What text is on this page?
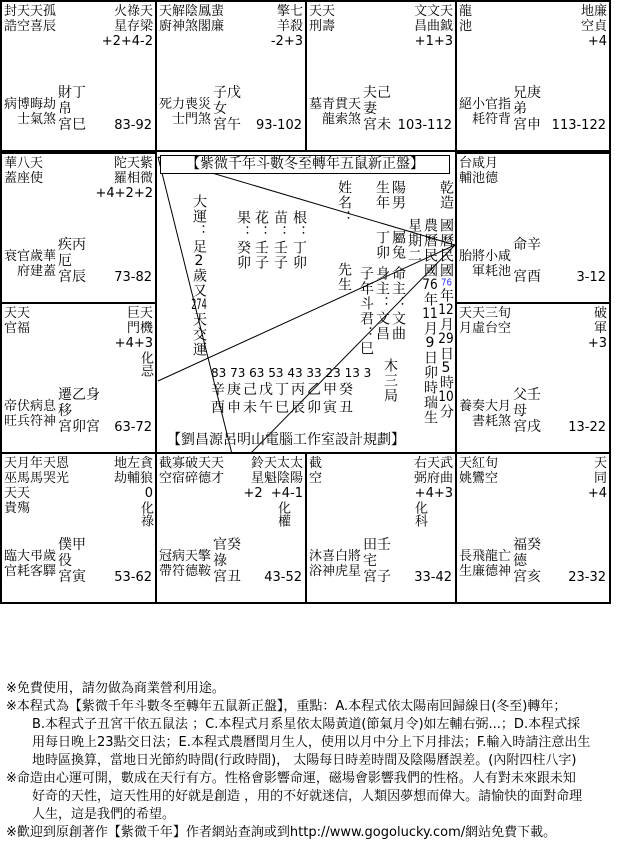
封天天孤
誥空喜辰
火祿天
星存梁
+2+4-2
病博晦劫
士氣煞
財丁
帛
宮巳 83-92
天解陰鳳蜚
廚神煞閣廉
擎七
羊殺
-2+3
死力喪災
士門煞
子戊
女
宮午 93-102
天天
刑壽
文文天
昌曲鉞
+1+3
墓青貫天
龍索煞
夫己
妻
宮未 103-112
龍
池
地廉
空貞
+4
絕小官指
耗符背
兄庚
弟
宮申 113-122
華八天
蓋座使
陀天紫
羅相微
+4+2+2
衰官歲華
府建蓋
疾丙
厄
宮辰 73-82
台咸月
輔池德
胎將小咸
軍耗池
命辛
宮酉	3-12
天天
官福
巨天
門機
+4+3
化忌
帝伏病息
旺兵符神
遷乙身
移
宮卯宮 63-72
天天三旬
月虛台空
破
軍
+3
養奏大月
書耗煞
父壬
母
宮戌 13-22
天月年天恩
巫馬馬哭光
天天
貴殤
地左貪
劫輔狼
0
化祿
臨大弔歲
官耗客驛
僕甲
役
宮寅 53-62
截寡破天天
空宿碎德才
鈴天太太
星魁陰陽
+2  +4-1
化權
冠病天擎
帶符德鞍
官癸
祿
宮丑 43-52
截
空
右天武
弼府曲
+4+3
化科
沐喜白將
浴神虎星
田壬
宅
宮子 33-42
天紅旬
姚鸞空
天
同
+4
長飛龍亡
生廉德神
福癸
德
宮亥 23-32
【紫微千年斗數冬至轉年五鼠新正盤】
乾造
國曆民國76年12月29日5時10分
農曆民國76年11月9日卯時瑞生
星期二
生年 陽男
丁卯 屬兔
姓名：
先生 身主：文昌 命主：文曲
子年斗君：巳
根：丁卯
苗：壬子
花：壬子
果：癸卯
大運：足2歲又274天交運
83 73 63 53 43 33 23 13 3
辛庚己戊丁丙乙甲癸
酉申未午巳辰卯寅丑
木三局
【劉昌源呂明山電腦工作室設計規劃】
※免費使用，請勿做為商業營利用途。
※本程式為【紫微千年斗數冬至轉年五鼠新正盤】，重點：A.本程式依太陽南回歸線日(冬至)轉年；
B.本程式子丑宮干依五鼠法 ；C.本程式月系星依太陽黃道(節氣月令)如左輔右弼...；D.本程式採
用每日晚上23點交日法；E.本程式農曆閏月生人，使用以月中分上下月排法；F.輸入時請注意出生
地時區換算，當地日光節約時間(行政時間)， 太陽每日時差時間及陰陽曆誤差。(內附四柱八字)
※命造由心運可開，數成在天行有方。性格會影響命運，磁場會影響我們的性格。人有對未來跟未知
好奇的天性，這天性用的好就是創造 ，用的不好就迷信，人類因夢想而偉大。請愉快的面對命理
人生，這是我們的希望。
※歡迎到原創著作【紫微千年】作者網站查詢或到http://www.gogolucky.com/網站免費下載。
